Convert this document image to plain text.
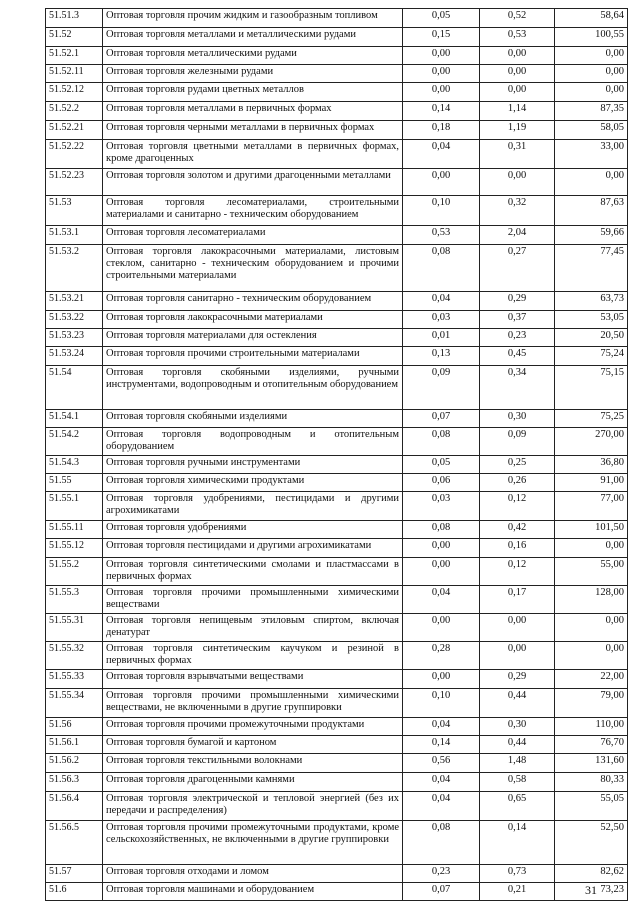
51.51.3	Оптовая торговля прочим жидким и газообразным топливом	0,05	0,52	58,64
51.52	Оптовая торговля металлами и металлическими рудами	0,15	0,53	100,55
51.52.1	Оптовая торговля металлическими рудами	0,00	0,00	0,00
51.52.11	Оптовая торговля железными рудами	0,00	0,00	0,00
51.52.12	Оптовая торговля рудами цветных металлов	0,00	0,00	0,00
51.52.2	Оптовая торговля металлами в первичных формах	0,14	1,14	87,35
51.52.21	Оптовая торговля черными металлами в первичных формах	0,18	1,19	58,05
51.52.22	Оптовая торговля цветными металлами в первичных формах, кроме драгоценных	0,04	0,31	33,00
51.52.23	Оптовая торговля золотом и другими драгоценными металлами	0,00	0,00	0,00
51.53	Оптовая торговля лесоматериалами, строительными материалами и санитарно - техническим оборудованием	0,10	0,32	87,63
51.53.1	Оптовая торговля лесоматериалами	0,53	2,04	59,66
51.53.2	Оптовая торговля лакокрасочными материалами, листовым стеклом, санитарно - техническим оборудованием и прочими строительными материалами	0,08	0,27	77,45
51.53.21	Оптовая торговля санитарно - техническим оборудованием	0,04	0,29	63,73
51.53.22	Оптовая торговля лакокрасочными материалами	0,03	0,37	53,05
51.53.23	Оптовая торговля материалами для остекления	0,01	0,23	20,50
51.53.24	Оптовая торговля прочими строительными материалами	0,13	0,45	75,24
51.54	Оптовая торговля скобяными изделиями, ручными инструментами, водопроводным и отопительным оборудованием	0,09	0,34	75,15
51.54.1	Оптовая торговля скобяными изделиями	0,07	0,30	75,25
51.54.2	Оптовая торговля водопроводным и отопительным оборудованием	0,08	0,09	270,00
51.54.3	Оптовая торговля ручными инструментами	0,05	0,25	36,80
51.55	Оптовая торговля химическими продуктами	0,06	0,26	91,00
51.55.1	Оптовая торговля удобрениями, пестицидами и другими агрохимикатами	0,03	0,12	77,00
51.55.11	Оптовая торговля удобрениями	0,08	0,42	101,50
51.55.12	Оптовая торговля пестицидами и другими агрохимикатами	0,00	0,16	0,00
51.55.2	Оптовая торговля синтетическими смолами и пластмассами в первичных формах	0,00	0,12	55,00
51.55.3	Оптовая торговля прочими промышленными химическими веществами	0,04	0,17	128,00
51.55.31	Оптовая торговля непищевым этиловым спиртом, включая денатурат	0,00	0,00	0,00
51.55.32	Оптовая торговля синтетическим каучуком и резиной в первичных формах	0,28	0,00	0,00
51.55.33	Оптовая торговля взрывчатыми веществами	0,00	0,29	22,00
51.55.34	Оптовая торговля прочими промышленными химическими веществами, не включенными в другие группировки	0,10	0,44	79,00
51.56	Оптовая торговля прочими промежуточными продуктами	0,04	0,30	110,00
51.56.1	Оптовая торговля бумагой и картоном	0,14	0,44	76,70
51.56.2	Оптовая торговля текстильными волокнами	0,56	1,48	131,60
51.56.3	Оптовая торговля драгоценными камнями	0,04	0,58	80,33
51.56.4	Оптовая торговля электрической и тепловой энергией (без их передачи и распределения)	0,04	0,65	55,05
51.56.5	Оптовая торговля прочими промежуточными продуктами, кроме сельскохозяйственных, не включенными в другие группировки	0,08	0,14	52,50
51.57	Оптовая торговля отходами и ломом	0,23	0,73	82,62
51.6	Оптовая торговля машинами и оборудованием	0,07	0,21	73,23
31
